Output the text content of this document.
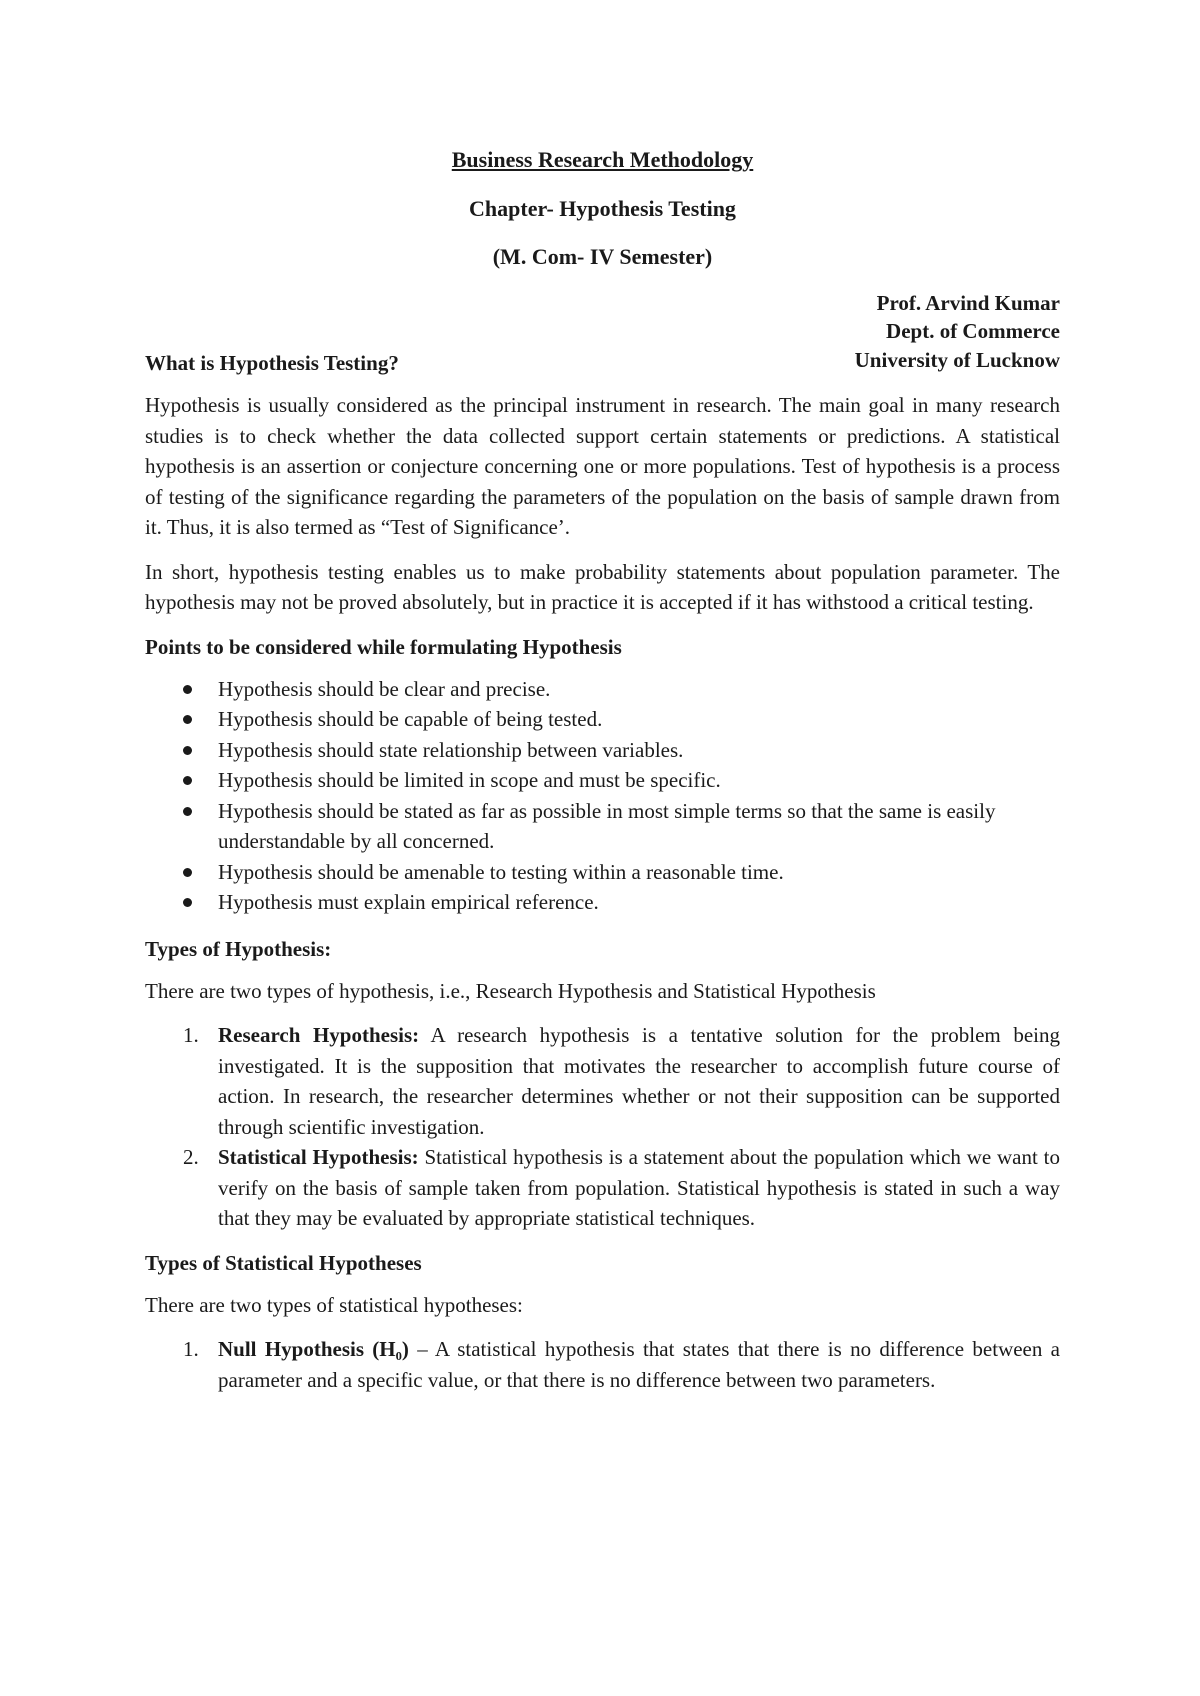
Business Research Methodology
Chapter- Hypothesis Testing
(M. Com- IV Semester)
Prof. Arvind Kumar
Dept. of Commerce
University of Lucknow
What is Hypothesis Testing?

Hypothesis is usually considered as the principal instrument in research. The main goal in many research studies is to check whether the data collected support certain statements or predictions. A statistical hypothesis is an assertion or conjecture concerning one or more populations. Test of hypothesis is a process of testing of the significance regarding the parameters of the population on the basis of sample drawn from it. Thus, it is also termed as “Test of Significance’.

In short, hypothesis testing enables us to make probability statements about population parameter. The hypothesis may not be proved absolutely, but in practice it is accepted if it has withstood a critical testing.

Points to be considered while formulating Hypothesis
Hypothesis should be clear and precise.
Hypothesis should be capable of being tested.
Hypothesis should state relationship between variables.
Hypothesis should be limited in scope and must be specific.
Hypothesis should be stated as far as possible in most simple terms so that the same is easily understandable by all concerned.
Hypothesis should be amenable to testing within a reasonable time.
Hypothesis must explain empirical reference.
Types of Hypothesis:

There are two types of hypothesis, i.e., Research Hypothesis and Statistical Hypothesis

1. Research Hypothesis: A research hypothesis is a tentative solution for the problem being investigated. It is the supposition that motivates the researcher to accomplish future course of action. In research, the researcher determines whether or not their supposition can be supported through scientific investigation.
2. Statistical Hypothesis: Statistical hypothesis is a statement about the population which we want to verify on the basis of sample taken from population. Statistical hypothesis is stated in such a way that they may be evaluated by appropriate statistical techniques.
Types of Statistical Hypotheses

There are two types of statistical hypotheses:

1. Null Hypothesis (H₀) – A statistical hypothesis that states that there is no difference between a parameter and a specific value, or that there is no difference between two parameters.
